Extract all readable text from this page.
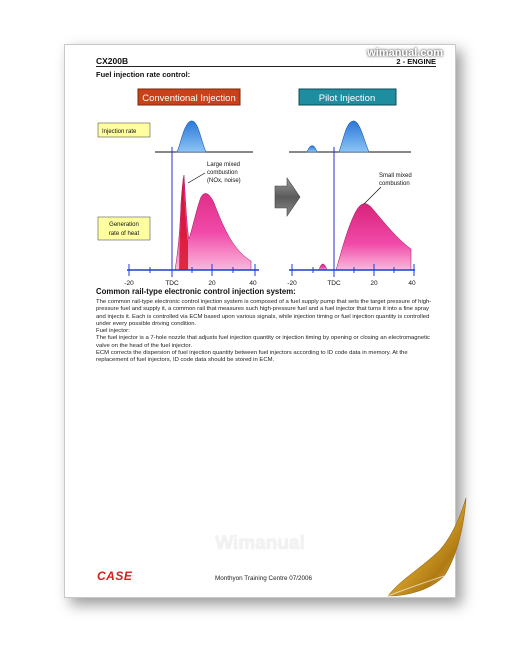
CX200B	2 - ENGINE
wimanual.com
Fuel injection rate control:
Conventional Injection	Pilot Injection
Injection rate
Generation
rate of heat
Large mixed
combustion
(NOx, noise)
-20	TDC	20	40
Small mixed
combustion
-20	TDC	20	40
Common rail-type electronic control injection system:

The common rail-type electronic control injection system is composed of a fuel supply pump that sets the target pressure of high-pressure fuel and supply it, a common rail that measures such high-pressure fuel and a fuel injector that turns it into a fine spray and injects it. Each is controlled via ECM based upon various signals, while injection timing or fuel injection quantity is controlled under every possible driving condition.

Fuel injector:

The fuel injector is a 7-hole nozzle that adjusts fuel injection quantity or injection timing by opening or closing an electromagnetic valve on the head of the fuel injector.

ECM corrects the dispersion of fuel injection quantity between fuel injectors according to ID code data in memory. At the replacement of fuel injectors, ID code data should be stored in ECM.

Wimanual
CASE	Monthyon Training Centre 07/2006
